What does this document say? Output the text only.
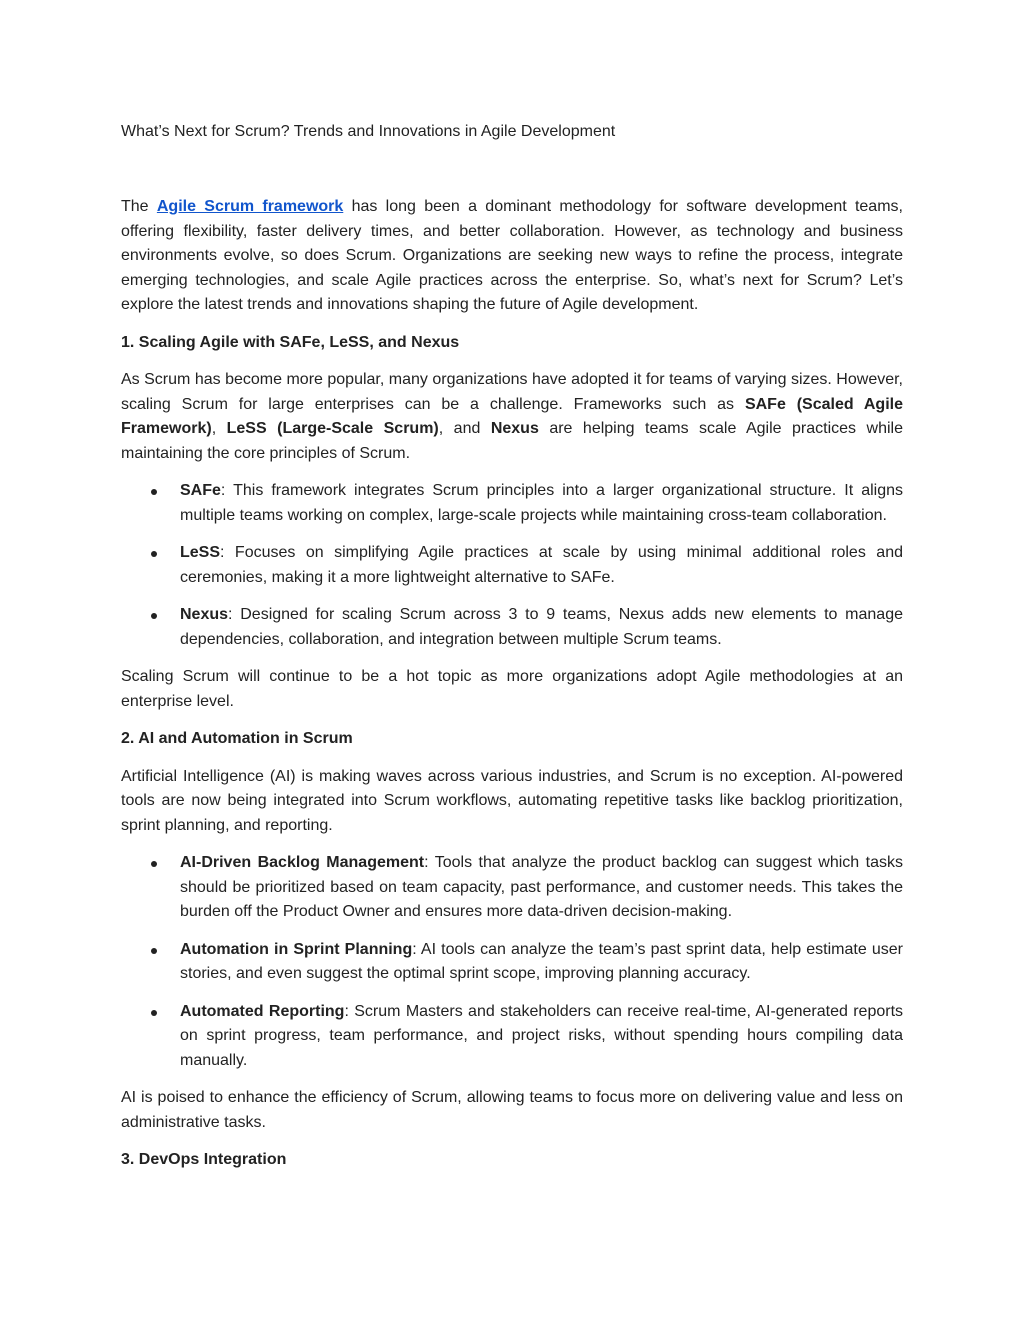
What’s Next for Scrum? Trends and Innovations in Agile Development

The Agile Scrum framework has long been a dominant methodology for software development teams, offering flexibility, faster delivery times, and better collaboration. However, as technology and business environments evolve, so does Scrum. Organizations are seeking new ways to refine the process, integrate emerging technologies, and scale Agile practices across the enterprise. So, what’s next for Scrum? Let’s explore the latest trends and innovations shaping the future of Agile development.

1. Scaling Agile with SAFe, LeSS, and Nexus

As Scrum has become more popular, many organizations have adopted it for teams of varying sizes. However, scaling Scrum for large enterprises can be a challenge. Frameworks such as SAFe (Scaled Agile Framework), LeSS (Large-Scale Scrum), and Nexus are helping teams scale Agile practices while maintaining the core principles of Scrum.

SAFe: This framework integrates Scrum principles into a larger organizational structure. It aligns multiple teams working on complex, large-scale projects while maintaining cross-team collaboration.
LeSS: Focuses on simplifying Agile practices at scale by using minimal additional roles and ceremonies, making it a more lightweight alternative to SAFe.
Nexus: Designed for scaling Scrum across 3 to 9 teams, Nexus adds new elements to manage dependencies, collaboration, and integration between multiple Scrum teams.

Scaling Scrum will continue to be a hot topic as more organizations adopt Agile methodologies at an enterprise level.

2. AI and Automation in Scrum

Artificial Intelligence (AI) is making waves across various industries, and Scrum is no exception. AI-powered tools are now being integrated into Scrum workflows, automating repetitive tasks like backlog prioritization, sprint planning, and reporting.

AI-Driven Backlog Management: Tools that analyze the product backlog can suggest which tasks should be prioritized based on team capacity, past performance, and customer needs. This takes the burden off the Product Owner and ensures more data-driven decision-making.
Automation in Sprint Planning: AI tools can analyze the team’s past sprint data, help estimate user stories, and even suggest the optimal sprint scope, improving planning accuracy.
Automated Reporting: Scrum Masters and stakeholders can receive real-time, AI-generated reports on sprint progress, team performance, and project risks, without spending hours compiling data manually.

AI is poised to enhance the efficiency of Scrum, allowing teams to focus more on delivering value and less on administrative tasks.

3. DevOps Integration
